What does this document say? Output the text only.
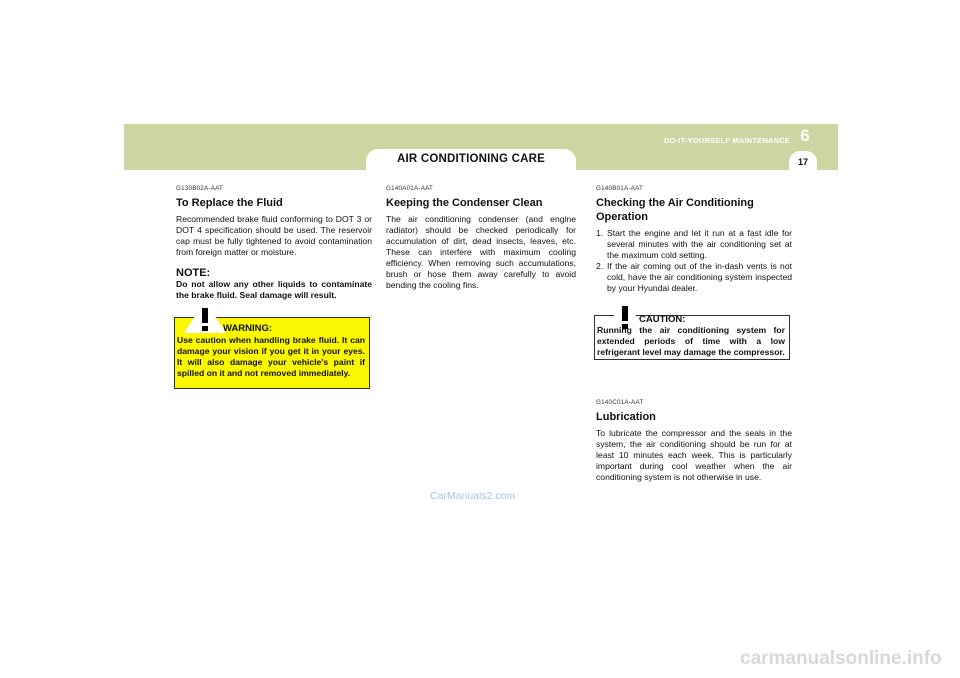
AIR CONDITIONING CARE
DO-IT-YOURSELF MAINTENANCE 6
17
G130B02A-AAT
To Replace the Fluid
Recommended brake fluid conforming to DOT 3 or DOT 4 specification should be used. The reservoir cap must be fully tightened to avoid contamination from foreign matter or moisture.
NOTE:
Do not allow any other liquids to contaminate the brake fluid. Seal damage will result.
WARNING:
Use caution when handling brake fluid. It can damage your vision if you get it in your eyes. It will also damage your vehicle's paint if spilled on it and not removed immediately.
G140A01A-AAT
Keeping the Condenser Clean
The air conditioning condenser (and engine radiator) should be checked periodically for accumulation of dirt, dead insects, leaves, etc. These can interfere with maximum cooling efficiency. When removing such accumulations, brush or hose them away carefully to avoid bending the cooling fins.
G140B01A-AAT
Checking the Air Conditioning Operation
1. Start the engine and let it run at a fast idle for several minutes with the air conditioning set at the maximum cold setting.
2. If the air coming out of the in-dash vents is not cold, have the air conditioning system inspected by your Hyundai dealer.
CAUTION:
Running the air conditioning system for extended periods of time with a low refrigerant level may damage the compressor.
G140C01A-AAT
Lubrication
To lubricate the compressor and the seals in the system, the air conditioning should be run for at least 10 minutes each week. This is particularly important during cool weather when the air conditioning system is not otherwise in use.
CarManuals2.com
carmanualsonline.info
